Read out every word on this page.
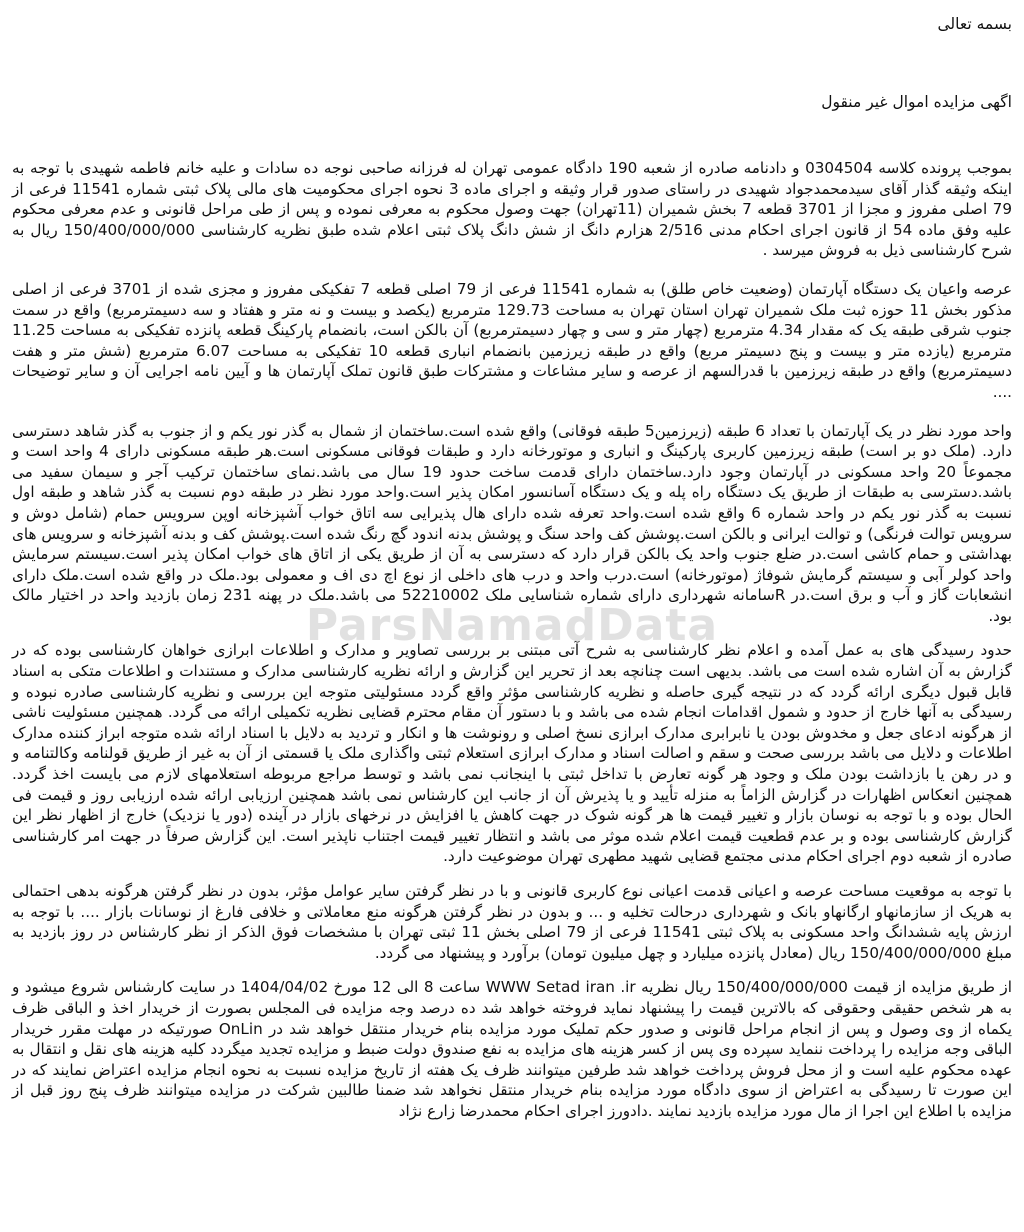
بسمه تعالی
اگهی مزایده اموال غیر منقول

بموجب پرونده کلاسه 0304504 و دادنامه صادره از شعبه 190 دادگاه عمومی تهران له فرزانه صاحبی نوجه ده سادات و علیه خانم فاطمه شهیدی با توجه به اینکه وثیقه گذار آقای سیدمحمدجواد شهیدی در راستای صدور قرار وثیقه و اجرای ماده 3 نحوه اجرای محکومیت های مالی پلاک ثبتی شماره 11541 فرعی از 79 اصلی مفروز و مجزا از 3701 قطعه 7 بخش شمیران (11تهران) جهت وصول محکوم به معرفی نموده و پس از طی مراحل قانونی و عدم معرفی محکوم علیه وفق ماده 54 از قانون اجرای احکام مدنی 2/516 هزارم دانگ از شش دانگ پلاک ثبتی اعلام شده طبق نظریه کارشناسی 150/400/000/000 ریال به شرح کارشناسی ذیل به فروش میرسد .

عرصه واعیان یک دستگاه آپارتمان (وضعیت خاص طلق) به شماره 11541 فرعی از 79 اصلی قطعه 7 تفکیکی مفروز و مجزی شده از 3701 فرعی از اصلی مذکور بخش 11 حوزه ثبت ملک شمیران تهران استان تهران به مساحت 129.73 مترمربع (یکصد و بیست و نه متر و هفتاد و سه دسیمترمربع) واقع در سمت جنوب شرقی طبقه یک که مقدار 4.34 مترمربع (چهار متر و سی و چهار دسیمترمربع) آن بالکن است، بانضمام پارکینگ قطعه پانزده تفکیکی به مساحت 11.25 مترمربع (یازده متر و بیست و پنج دسیمتر مربع) واقع در طبقه زیرزمین بانضمام انباری قطعه 10 تفکیکی به مساحت 6.07 مترمربع (شش متر و هفت دسیمترمربع) واقع در طبقه زیرزمین با قدرالسهم از عرصه و سایر مشاعات و مشترکات طبق قانون تملک آپارتمان ها و آیین نامه اجرایی آن و سایر توضیحات ....

واحد مورد نظر در یک آپارتمان با تعداد 6 طبقه (زیرزمین5 طبقه فوقانی) واقع شده است.ساختمان از شمال به گذر نور یکم و از جنوب به گذر شاهد دسترسی دارد. (ملک دو بر است) طبقه زیرزمین کاربری پارکینگ و انباری و موتورخانه دارد و طبقات فوقانی مسکونی است.هر طبقه مسکونی دارای 4 واحد است و مجموعاً 20 واحد مسکونی در آپارتمان وجود دارد.ساختمان دارای قدمت ساخت حدود 19 سال می باشد.نمای ساختمان ترکیب آجر و سیمان سفید می باشد.دسترسی به طبقات از طریق یک دستگاه راه پله و یک دستگاه آسانسور امکان پذیر است.واحد مورد نظر در طبقه دوم نسبت به گذر شاهد و طبقه اول نسبت به گذر نور یکم در واحد شماره 6 واقع شده است.واحد تعرفه شده دارای هال پذیرایی سه اتاق خواب آشپزخانه اوپن سرویس حمام (شامل دوش و سرویس توالت فرنگی) و توالت ایرانی و بالکن است.پوشش کف واحد سنگ و پوشش بدنه اندود گچ رنگ شده است.پوشش کف و بدنه آشپزخانه و سرویس های بهداشتی و حمام کاشی است.در ضلع جنوب واحد یک بالکن قرار دارد که دسترسی به آن از طریق یکی از اتاق های خواب امکان پذیر است.سیستم سرمایش واحد کولر آبی و سیستم گرمایش شوفاژ (موتورخانه) است.درب واحد و درب های داخلی از نوع اچ دی اف و معمولی بود.ملک در واقع شده است.ملک دارای انشعابات گاز و آب و برق است.در Rسامانه شهرداری دارای شماره شناسایی ملک 52210002 می باشد.ملک در پهنه 231 زمان بازدید واحد در اختیار مالک بود.

حدود رسیدگی های به عمل آمده و اعلام نظر کارشناسی به شرح آتی مبتنی بر بررسی تصاویر و مدارک و اطلاعات ابرازی خواهان کارشناسی بوده که در گزارش به آن اشاره شده است می باشد. بدیهی است چنانچه بعد از تحریر این گزارش و ارائه نظریه کارشناسی مدارک و مستندات و اطلاعات متکی به اسناد قابل قبول دیگری ارائه گردد که در نتیجه گیری حاصله و نظریه کارشناسی مؤثر واقع گردد مسئولیتی متوجه این بررسی و نظریه کارشناسی صادره نبوده و رسیدگی به آنها خارج از حدود و شمول اقدامات انجام شده می باشد و با دستور آن مقام محترم قضایی نظریه تکمیلی ارائه می گردد. همچنین مسئولیت ناشی از هرگونه ادعای جعل و مخدوش بودن یا نابرابری مدارک ابرازی نسخ اصلی و رونوشت ها و انکار و تردید به دلایل با اسناد ارائه شده متوجه ابراز کننده مدارک اطلاعات و دلایل می باشد بررسی صحت و سقم و اصالت اسناد و مدارک ابرازی استعلام ثبتی واگذاری ملک یا قسمتی از آن به غیر از طریق قولنامه وکالتنامه و و در رهن یا بازداشت بودن ملک و وجود هر گونه تعارض با تداخل ثبتی با اینجانب نمی باشد و توسط مراجع مربوطه استعلامهای لازم می بایست اخذ گردد. همچنین انعکاس اظهارات در گزارش الزاماً به منزله تأیید و یا پذیرش آن از جانب این کارشناس نمی باشد همچنین ارزیابی ارائه شده ارزیابی روز و قیمت فی الحال بوده و با توجه به نوسان بازار و تغییر قیمت ها هر گونه شوک در جهت کاهش یا افزایش در نرخهای بازار در آینده (دور یا نزدیک) خارج از اظهار نظر این گزارش کارشناسی بوده و بر عدم قطعیت قیمت اعلام شده موثر می باشد و انتظار تغییر قیمت اجتناب ناپذیر است. این گزارش صرفاً در جهت امر کارشناسی صادره از شعبه دوم اجرای احکام مدنی مجتمع قضایی شهید مطهری تهران موضوعیت دارد.

با توجه به موقعیت مساحت عرصه و اعیانی قدمت اعیانی نوع کاربری قانونی و با در نظر گرفتن سایر عوامل مؤثر، بدون در نظر گرفتن هرگونه بدهی احتمالی به هریک از سازمانهاو ارگانهاو بانک و شهرداری درحالت تخلیه و ... و بدون در نظر گرفتن هرگونه منع معاملاتی و خلافی فارغ از نوسانات بازار .... با توجه به ارزش پایه ششدانگ واحد مسکونی به پلاک ثبتی 11541 فرعی از 79 اصلی بخش 11 ثبتی تهران با مشخصات فوق الذکر از نظر کارشناس در روز بازدید به مبلغ 150/400/000/000 ریال (معادل پانزده میلیارد و چهل میلیون تومان) برآورد و پیشنهاد می گردد.

از طریق مزایده از قیمت 150/400/000/000 ریال نظریه WWW Setad iran .ir ساعت 8 الی 12 مورخ 1404/04/02 در سایت کارشناس شروع میشود و به هر شخص حقیقی وحقوقی که بالاترین قیمت را پیشنهاد نماید فروخته خواهد شد ده درصد وجه مزایده فی المجلس بصورت از خریدار اخذ و الباقی ظرف یکماه از وی وصول و پس از انجام مراحل قانونی و صدور حکم تملیک مورد مزایده بنام خریدار منتقل خواهد شد در OnLin صورتیکه در مهلت مقرر خریدار الباقی وجه مزایده را پرداخت ننماید سپرده وی پس از کسر هزینه های مزایده به نفع صندوق دولت ضبط و مزایده تجدید میگردد کلیه هزینه های نقل و انتقال به عهده محکوم علیه است و از محل فروش پرداخت خواهد شد طرفین میتوانند ظرف یک هفته از تاریخ مزایده نسبت به نحوه انجام مزایده اعتراض نمایند که در این صورت تا رسیدگی به اعتراض از سوی دادگاه مورد مزایده بنام خریدار منتقل نخواهد شد ضمنا طالبین شرکت در مزایده میتوانند ظرف پنج روز قبل از مزایده با اطلاع این اجرا از مال مورد مزایده بازدید نمایند .دادورز اجرای احکام محمدرضا زارع نژاد

ParsNamadData
